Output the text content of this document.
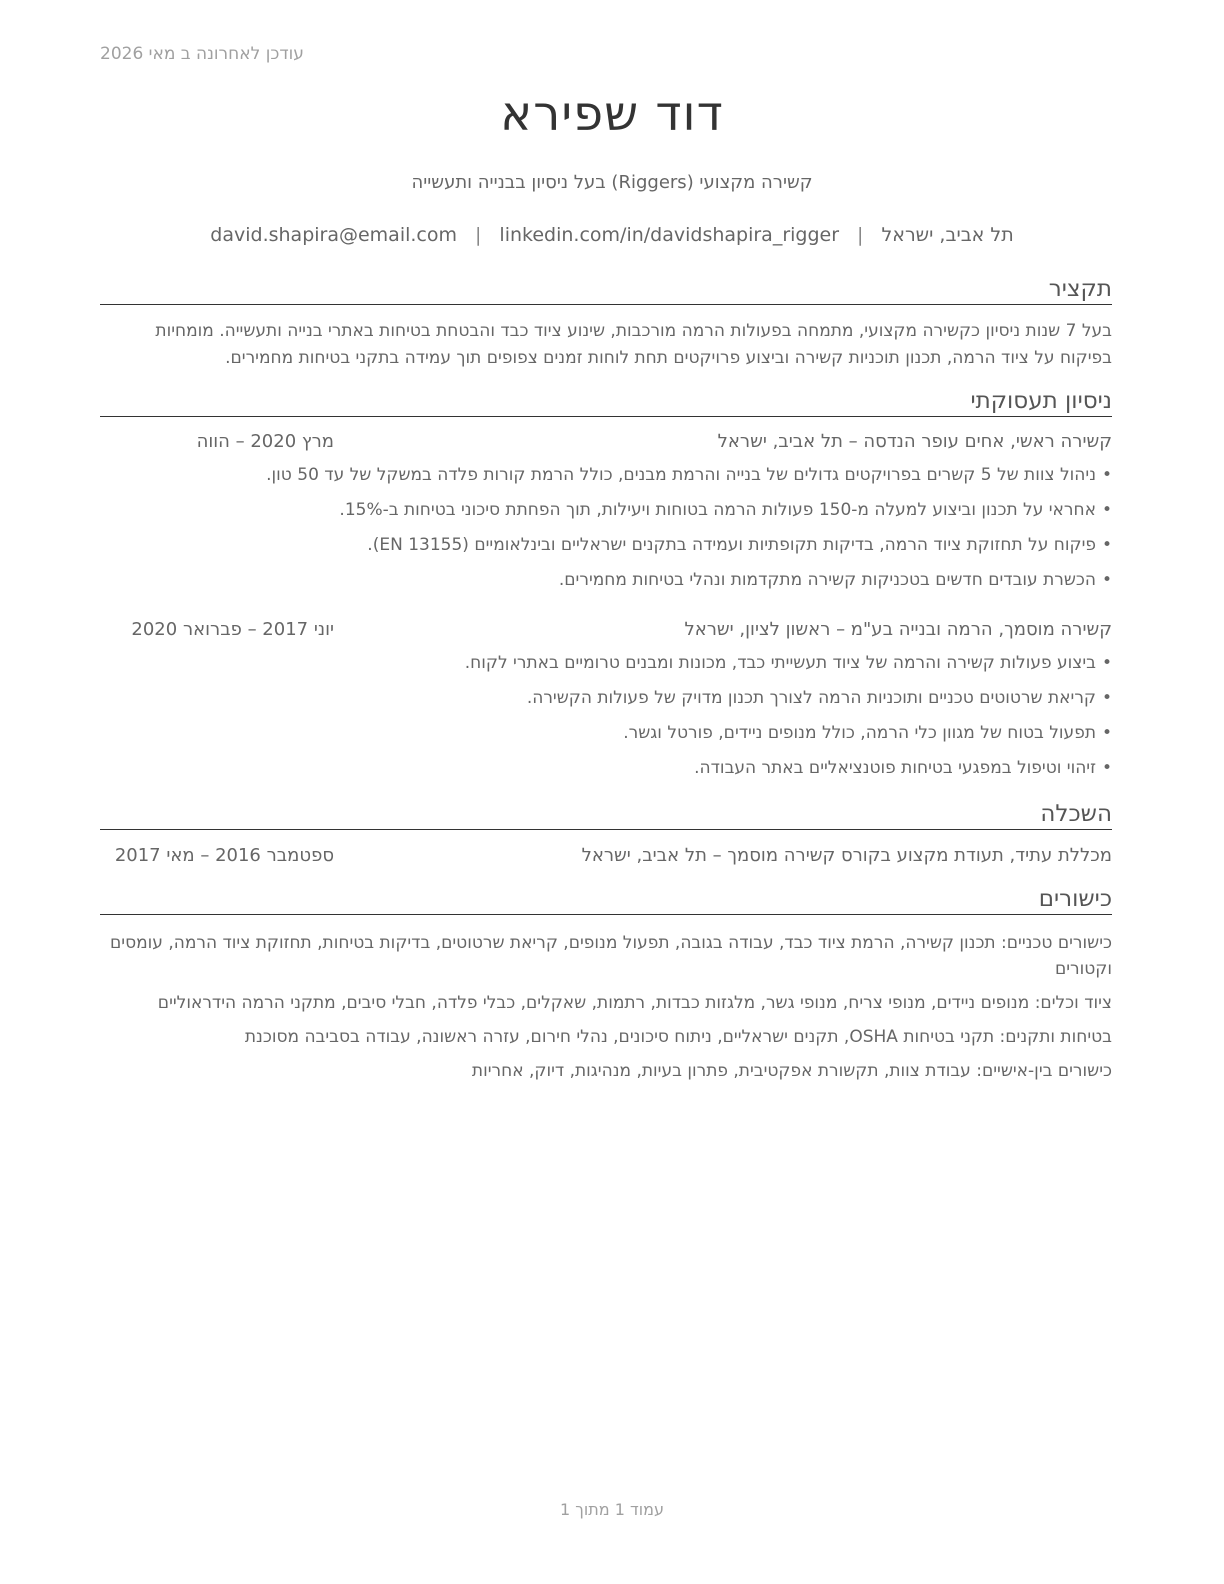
עודכן לאחרונה ב מאי 2026
דוד שפירא
קשירה מקצועי (Riggers) בעל ניסיון בבנייה ותעשייה
תל אביב, ישראל|david.shapira@email.com | linkedin.com/in/davidshapira_rigger
תקציר
בעל 7 שנות ניסיון כקשירה מקצועי, מתמחה בפעולות הרמה מורכבות, שינוע ציוד כבד והבטחת בטיחות באתרי בנייה ותעשייה. מומחיות בפיקוח על ציוד הרמה, תכנון תוכניות קשירה וביצוע פרויקטים תחת לוחות זמנים צפופים תוך עמידה בתקני בטיחות מחמירים.
ניסיון תעסוקתי
קשירה ראשי, אחים עופר הנדסה – תל אביב, ישראל
מרץ 2020 – הווה
•
ניהול צוות של 5 קשרים בפרויקטים גדולים של בנייה והרמת מבנים, כולל הרמת קורות פלדה במשקל של עד 50 טון.
•
אחראי על תכנון וביצוע למעלה מ-150 פעולות הרמה בטוחות ויעילות, תוך הפחתת סיכוני בטיחות ב-15%.
•
פיקוח על תחזוקת ציוד הרמה, בדיקות תקופתיות ועמידה בתקנים ישראליים ובינלאומיים (EN 13155).
•
הכשרת עובדים חדשים בטכניקות קשירה מתקדמות ונהלי בטיחות מחמירים.
קשירה מוסמך, הרמה ובנייה בע"מ – ראשון לציון, ישראל
יוני 2017 – פברואר 2020
•
ביצוע פעולות קשירה והרמה של ציוד תעשייתי כבד, מכונות ומבנים טרומיים באתרי לקוח.
•
קריאת שרטוטים טכניים ותוכניות הרמה לצורך תכנון מדויק של פעולות הקשירה.
•
תפעול בטוח של מגוון כלי הרמה, כולל מנופים ניידים, פורטל וגשר.
•
זיהוי וטיפול במפגעי בטיחות פוטנציאליים באתר העבודה.
השכלה
מכללת עתיד, תעודת מקצוע בקורס קשירה מוסמך – תל אביב, ישראל
ספטמבר 2016 – מאי 2017
כישורים
כישורים טכניים: תכנון קשירה, הרמת ציוד כבד, עבודה בגובה, תפעול מנופים, קריאת שרטוטים, בדיקות בטיחות, תחזוקת ציוד הרמה, עומסים וקטורים
ציוד וכלים: מנופים ניידים, מנופי צריח, מנופי גשר, מלגזות כבדות, רתמות, שאקלים, כבלי פלדה, חבלי סיבים, מתקני הרמה הידראוליים
בטיחות ותקנים: תקני בטיחות OSHA, תקנים ישראליים, ניתוח סיכונים, נהלי חירום, עזרה ראשונה, עבודה בסביבה מסוכנת
כישורים בין-אישיים: עבודת צוות, תקשורת אפקטיבית, פתרון בעיות, מנהיגות, דיוק, אחריות
עמוד 1 מתוך 1
